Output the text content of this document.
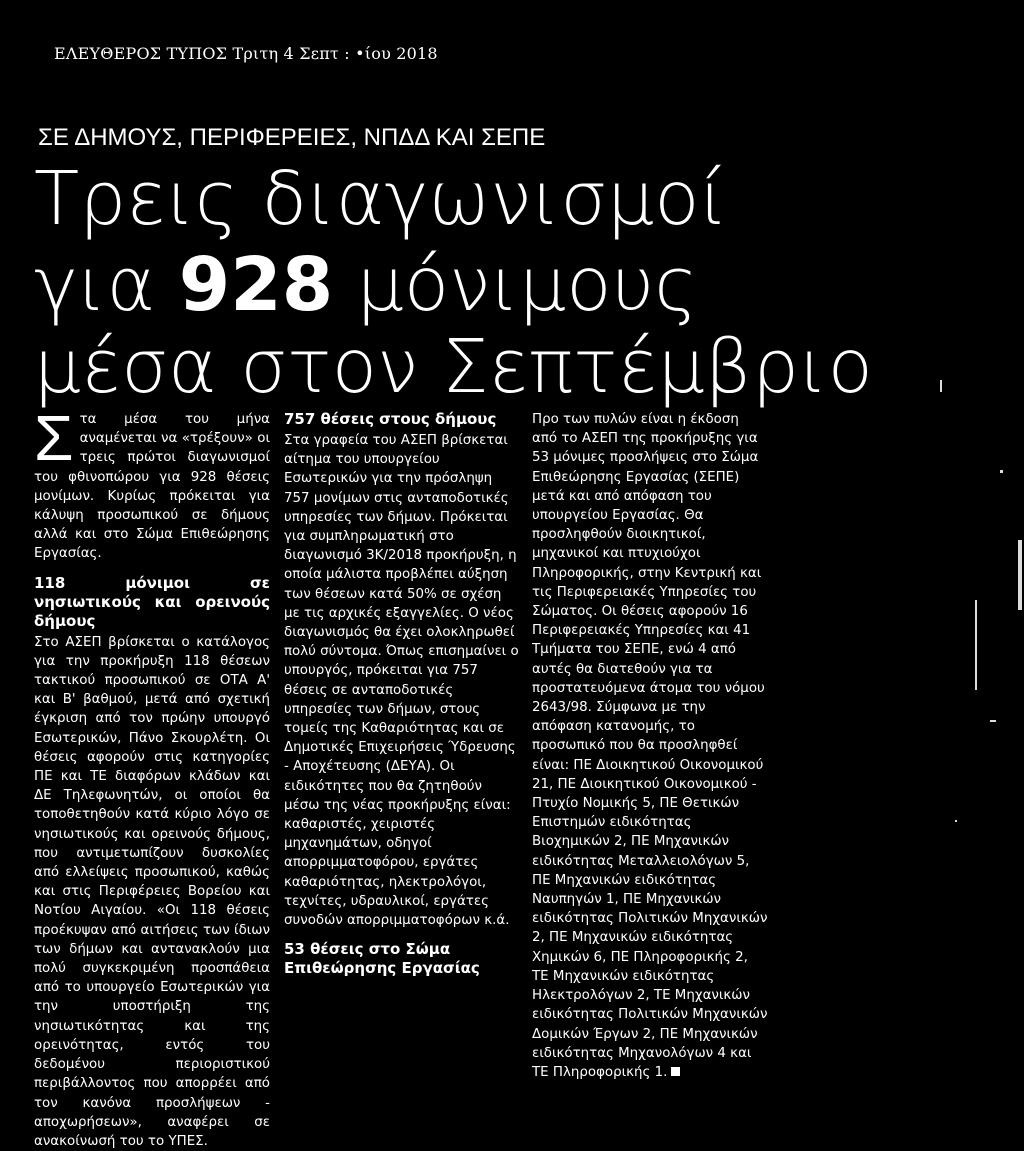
ΕΛΕΥΘΕΡΟΣ ΤΥΠΟΣ Τριτη 4 Σεπτ : •ίου 2018
ΣΕ ΔΗΜΟΥΣ, ΠΕΡΙΦΕΡΕΙΕΣ, ΝΠΔΔ ΚΑΙ ΣΕΠΕ
Τρεις διαγωνισμοί
για 928 μόνιμους
μέσα στον Σεπτέμβριο

Στα μέσα του μήνα αναμένεται να «τρέξουν» οι τρεις πρώτοι διαγωνισμοί του φθινοπώρου για 928 θέσεις μονίμων. Κυρίως πρόκειται για κάλυψη προσωπικού σε δήμους αλλά και στο Σώμα Επιθεώρησης Εργασίας.

118 μόνιμοι σε νησιωτικούς και ορεινούς δήμους

Στο ΑΣΕΠ βρίσκεται ο κατάλογος για την προκήρυξη 118 θέσεων τακτικού προσωπικού σε ΟΤΑ Α' και Β' βαθμού, μετά από σχετική έγκριση από τον πρώην υπουργό Εσωτερικών, Πάνο Σκουρλέτη. Οι θέσεις αφορούν στις κατηγορίες ΠΕ και ΤΕ διαφόρων κλάδων και ΔΕ Τηλεφωνητών, οι οποίοι θα τοποθετηθούν κατά κύριο λόγο σε νησιωτικούς και ορεινούς δήμους, που αντιμετωπίζουν δυσκολίες από ελλείψεις προσωπικού, καθώς και στις Περιφέρειες Βορείου και Νοτίου Αιγαίου. «Οι 118 θέσεις προέκυψαν από αιτήσεις των ίδιων των δήμων και αντανακλούν μια πολύ συγκεκριμένη προσπάθεια από το υπουργείο Εσωτερικών για την υποστήριξη της νησιωτικότητας και της ορεινότητας, εντός του δεδομένου περιοριστικού περιβάλλοντος που απορρέει από τον κανόνα προσλήψεων - αποχωρήσεων», αναφέρει σε ανακοίνωσή του το ΥΠΕΣ.

757 θέσεις στους δήμους

Στα γραφεία του ΑΣΕΠ βρίσκεται αίτημα του υπουργείου Εσωτερικών για την πρόσληψη 757 μονίμων στις ανταποδοτικές υπηρεσίες των δήμων. Πρόκειται για συμπληρωματική στο διαγωνισμό 3Κ/2018 προκήρυξη, η οποία μάλιστα προβλέπει αύξηση των θέσεων κατά 50% σε σχέση με τις αρχικές εξαγγελίες. Ο νέος διαγωνισμός θα έχει ολοκληρωθεί πολύ σύντομα. Όπως επισημαίνει ο υπουργός, πρόκειται για 757 θέσεις σε ανταποδοτικές υπηρεσίες των δήμων, στους τομείς της Καθαριότητας και σε Δημοτικές Επιχειρήσεις Ύδρευσης - Αποχέτευσης (ΔΕΥΑ). Οι ειδικότητες που θα ζητηθούν μέσω της νέας προκήρυξης είναι: καθαριστές, χειριστές μηχανημάτων, οδηγοί απορριμματοφόρου, εργάτες καθαριότητας, ηλεκτρολόγοι, τεχνίτες, υδραυλικοί, εργάτες συνοδών απορριμματοφόρων κ.ά.

53 θέσεις στο Σώμα Επιθεώρησης Εργασίας

Προ των πυλών είναι η έκδοση από το ΑΣΕΠ της προκήρυξης για 53 μόνιμες προσλήψεις στο Σώμα Επιθεώρησης Εργασίας (ΣΕΠΕ) μετά και από απόφαση του υπουργείου Εργασίας. Θα προσληφθούν διοικητικοί, μηχανικοί και πτυχιούχοι Πληροφορικής, στην Κεντρική και τις Περιφερειακές Υπηρεσίες του Σώματος. Οι θέσεις αφορούν 16 Περιφερειακές Υπηρεσίες και 41 Τμήματα του ΣΕΠΕ, ενώ 4 από αυτές θα διατεθούν για τα προστατευόμενα άτομα του νόμου 2643/98. Σύμφωνα με την απόφαση κατανομής, το προσωπικό που θα προσληφθεί είναι: ΠΕ Διοικητικού Οικονομικού 21, ΠΕ Διοικητικού Οικονομικού - Πτυχίο Νομικής 5, ΠΕ Θετικών Επιστημών ειδικότητας Βιοχημικών 2, ΠΕ Μηχανικών ειδικότητας Μεταλλειολόγων 5, ΠΕ Μηχανικών ειδικότητας Ναυπηγών 1, ΠΕ Μηχανικών ειδικότητας Πολιτικών Μηχανικών 2, ΠΕ Μηχανικών ειδικότητας Χημικών 6, ΠΕ Πληροφορικής 2, ΤΕ Μηχανικών ειδικότητας Ηλεκτρολόγων 2, ΤΕ Μηχανικών ειδικότητας Πολιτικών Μηχανικών Δομικών Έργων 2, ΠΕ Μηχανικών ειδικότητας Μηχανολόγων 4 και ΤΕ Πληροφορικής 1.
